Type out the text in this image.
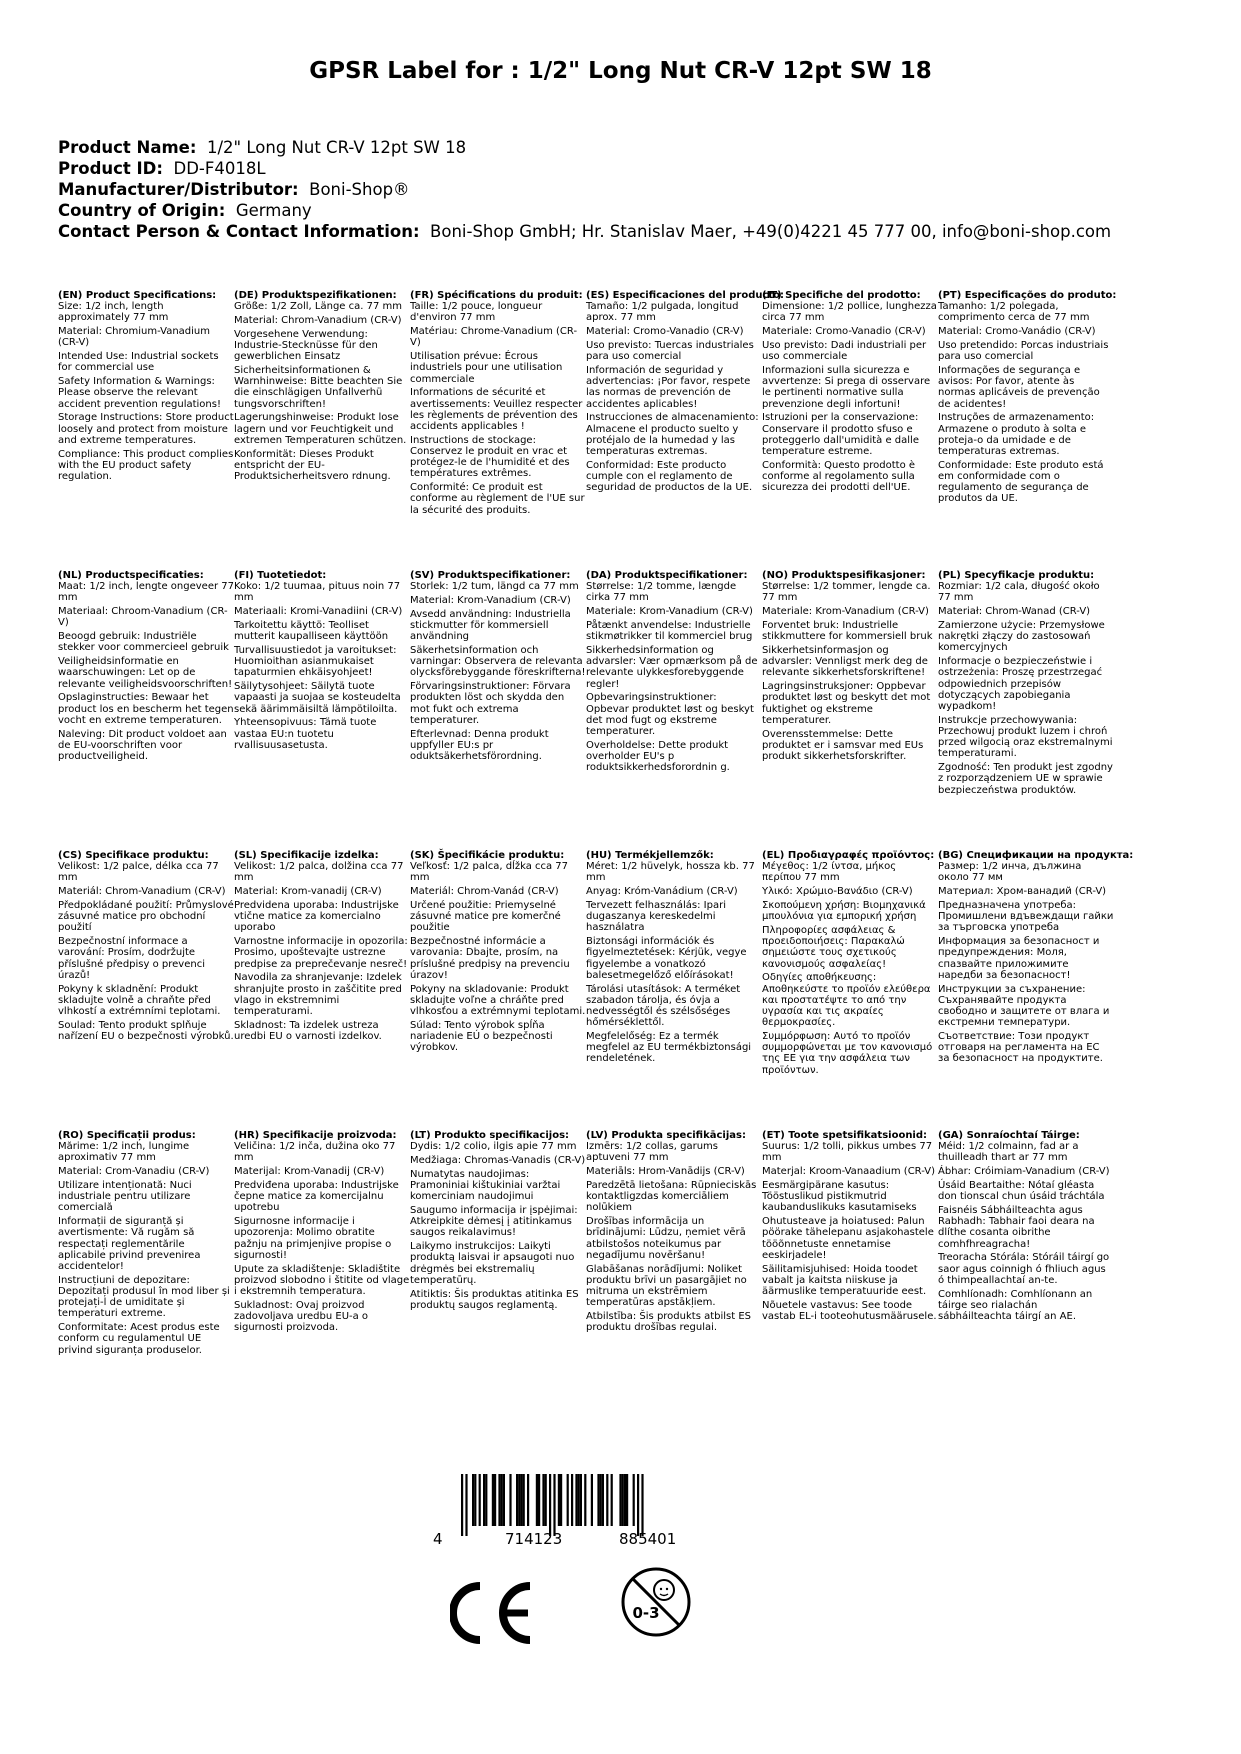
GPSR Label for : 1/2" Long Nut CR-V 12pt SW 18
Product Name: 1/2" Long Nut CR-V 12pt SW 18
Product ID: DD-F4018L
Manufacturer/Distributor: Boni-Shop®
Country of Origin: Germany
Contact Person & Contact Information: Boni-Shop GmbH; Hr. Stanislav Maer, +49(0)4221 45 777 00, info@boni-shop.com
(EN) Product Specifications:
Size: 1/2 inch, length approximately 77 mm
Material: Chromium-Vanadium (CR-V)
Intended Use: Industrial sockets for commercial use
Safety Information & Warnings: Please observe the relevant accident prevention regulations!
Storage Instructions: Store product loosely and protect from moisture and extreme temperatures.
Compliance: This product complies with the EU product safety regulation.
(DE) Produktspezifikationen:
Größe: 1/2 Zoll, Länge ca. 77 mm
Material: Chrom-Vanadium (CR-V)
Vorgesehene Verwendung: Industrie-Stecknüsse für den gewerblichen Einsatz
Sicherheitsinformationen & Warnhinweise: Bitte beachten Sie die einschlägigen Unfallverhü tungsvorschriften!
Lagerungshinweise: Produkt lose lagern und vor Feuchtigkeit und extremen Temperaturen schützen.
Konformität: Dieses Produkt entspricht der EU-Produktsicherheitsvero rdnung.
(FR) Spécifications du produit:
Taille: 1/2 pouce, longueur d'environ 77 mm
Matériau: Chrome-Vanadium (CR-V)
Utilisation prévue: Écrous industriels pour une utilisation commerciale
Informations de sécurité et avertissements: Veuillez respecter les règlements de prévention des accidents applicables !
Instructions de stockage: Conservez le produit en vrac et protégez-le de l'humidité et des températures extrêmes.
Conformité: Ce produit est conforme au règlement de l'UE sur la sécurité des produits.
(ES) Especificaciones del producto:
Tamaño: 1/2 pulgada, longitud aprox. 77 mm
Material: Cromo-Vanadio (CR-V)
Uso previsto: Tuercas industriales para uso comercial
Información de seguridad y advertencias: ¡Por favor, respete las normas de prevención de accidentes aplicables!
Instrucciones de almacenamiento: Almacene el producto suelto y protéjalo de la humedad y las temperaturas extremas.
Conformidad: Este producto cumple con el reglamento de seguridad de productos de la UE.
(IT) Specifiche del prodotto:
Dimensione: 1/2 pollice, lunghezza circa 77 mm
Materiale: Cromo-Vanadio (CR-V)
Uso previsto: Dadi industriali per uso commerciale
Informazioni sulla sicurezza e avvertenze: Si prega di osservare le pertinenti normative sulla prevenzione degli infortuni!
Istruzioni per la conservazione: Conservare il prodotto sfuso e proteggerlo dall'umidità e dalle temperature estreme.
Conformità: Questo prodotto è conforme al regolamento sulla sicurezza dei prodotti dell'UE.
(PT) Especificações do produto:
Tamanho: 1/2 polegada, comprimento cerca de 77 mm
Material: Cromo-Vanádio (CR-V)
Uso pretendido: Porcas industriais para uso comercial
Informações de segurança e avisos: Por favor, atente às normas aplicáveis de prevenção de acidentes!
Instruções de armazenamento: Armazene o produto à solta e proteja-o da umidade e de temperaturas extremas.
Conformidade: Este produto está em conformidade com o regulamento de segurança de produtos da UE.
(NL) Productspecificaties:
Maat: 1/2 inch, lengte ongeveer 77 mm
Materiaal: Chroom-Vanadium (CR-V)
Beoogd gebruik: Industriële stekker voor commercieel gebruik
Veiligheidsinformatie en waarschuwingen: Let op de relevante veiligheidsvoorschriften!
Opslaginstructies: Bewaar het product los en bescherm het tegen vocht en extreme temperaturen.
Naleving: Dit product voldoet aan de EU-voorschriften voor productveiligheid.
(FI) Tuotetiedot:
Koko: 1/2 tuumaa, pituus noin 77 mm
Materiaali: Kromi-Vanadiini (CR-V)
Tarkoitettu käyttö: Teolliset mutterit kaupalliseen käyttöön
Turvallisuustiedot ja varoitukset: Huomioithan asianmukaiset tapaturmien ehkäisyohjeet!
Säilytysohjeet: Säilytä tuote vapaasti ja suojaa se kosteudelta sekä äärimmäisiltä lämpötiloilta.
Yhteensopivuus: Tämä tuote vastaa EU:n tuotetu rvallisuusasetusta.
(SV) Produktspecifikationer:
Storlek: 1/2 tum, längd ca 77 mm
Material: Krom-Vanadium (CR-V)
Avsedd användning: Industriella stickmutter för kommersiell användning
Säkerhetsinformation och varningar: Observera de relevanta olycksförebyggande föreskrifterna!
Förvaringsinstruktioner: Förvara produkten löst och skydda den mot fukt och extrema temperaturer.
Efterlevnad: Denna produkt uppfyller EU:s pr oduktsäkerhetsförordning.
(DA) Produktspecifikationer:
Størrelse: 1/2 tomme, længde cirka 77 mm
Materiale: Krom-Vanadium (CR-V)
Påtænkt anvendelse: Industrielle stikmøtrikker til kommerciel brug
Sikkerhedsinformation og advarsler: Vær opmærksom på de relevante ulykkesforebyggende regler!
Opbevaringsinstruktioner: Opbevar produktet løst og beskyt det mod fugt og ekstreme temperaturer.
Overholdelse: Dette produkt overholder EU's p roduktsikkerhedsforordnin g.
(NO) Produktspesifikasjoner:
Størrelse: 1/2 tommer, lengde ca. 77 mm
Materiale: Krom-Vanadium (CR-V)
Forventet bruk: Industrielle stikkmuttere for kommersiell bruk
Sikkerhetsinformasjon og advarsler: Vennligst merk deg de relevante sikkerhetsforskriftene!
Lagringsinstruksjoner: Oppbevar produktet løst og beskytt det mot fuktighet og ekstreme temperaturer.
Overensstemmelse: Dette produktet er i samsvar med EUs produkt sikkerhetsforskrifter.
(PL) Specyfikacje produktu:
Rozmiar: 1/2 cala, długość około 77 mm
Materiał: Chrom-Wanad (CR-V)
Zamierzone użycie: Przemysłowe nakrętki złączy do zastosowań komercyjnych
Informacje o bezpieczeństwie i ostrzeżenia: Proszę przestrzegać odpowiednich przepisów dotyczących zapobiegania wypadkom!
Instrukcje przechowywania: Przechowuj produkt luzem i chroń przed wilgocią oraz ekstremalnymi temperaturami.
Zgodność: Ten produkt jest zgodny z rozporządzeniem UE w sprawie bezpieczeństwa produktów.
(CS) Specifikace produktu:
Velikost: 1/2 palce, délka cca 77 mm
Materiál: Chrom-Vanadium (CR-V)
Předpokládané použití: Průmyslové zásuvné matice pro obchodní použití
Bezpečnostní informace a varování: Prosím, dodržujte příslušné předpisy o prevenci úrazů!
Pokyny k skladnění: Produkt skladujte volně a chraňte před vlhkostí a extrémními teplotami.
Soulad: Tento produkt splňuje nařízení EU o bezpečnosti výrobků.
(SL) Specifikacije izdelka:
Velikost: 1/2 palca, dolžina cca 77 mm
Material: Krom-vanadij (CR-V)
Predvidena uporaba: Industrijske vtične matice za komercialno uporabo
Varnostne informacije in opozorila: Prosimo, upoštevajte ustrezne predpise za preprečevanje nesreč!
Navodila za shranjevanje: Izdelek shranjujte prosto in zaščitite pred vlago in ekstremnimi temperaturami.
Skladnost: Ta izdelek ustreza uredbi EU o varnosti izdelkov.
(SK) Špecifikácie produktu:
Veľkosť: 1/2 palca, dĺžka cca 77 mm
Materiál: Chrom-Vanád (CR-V)
Určené použitie: Priemyselné zásuvné matice pre komerčné použitie
Bezpečnostné informácie a varovania: Dbajte, prosím, na príslušné predpisy na prevenciu úrazov!
Pokyny na skladovanie: Produkt skladujte voľne a chráňte pred vlhkosťou a extrémnymi teplotami.
Súlad: Tento výrobok spĺňa nariadenie EÚ o bezpečnosti výrobkov.
(HU) Termékjellemzők:
Méret: 1/2 hüvelyk, hossza kb. 77 mm
Anyag: Króm-Vanádium (CR-V)
Tervezett felhasználás: Ipari dugaszanya kereskedelmi használatra
Biztonsági információk és figyelmeztetések: Kérjük, vegye figyelembe a vonatkozó balesetmegelőző előírásokat!
Tárolási utasítások: A terméket szabadon tárolja, és óvja a nedvességtől és szélsőséges hőmérséklettől.
Megfelelőség: Ez a termék megfelel az EU termékbiztonsági rendeletének.
(EL) Προδιαγραφές προϊόντος:
Μέγεθος: 1/2 ίντσα, μήκος περίπου 77 mm
Υλικό: Χρώμιο-Βανάδιο (CR-V)
Σκοπούμενη χρήση: Βιομηχανικά μπουλόνια για εμπορική χρήση
Πληροφορίες ασφάλειας & προειδοποιήσεις: Παρακαλώ σημειώστε τους σχετικούς κανονισμούς ασφαλείας!
Οδηγίες αποθήκευσης: Αποθηκεύστε το προϊόν ελεύθερα και προστατέψτε το από την υγρασία και τις ακραίες θερμοκρασίες.
Συμμόρφωση: Αυτό το προϊόν συμμορφώνεται με τον κανονισμό της ΕΕ για την ασφάλεια των προϊόντων.
(BG) Спецификации на продукта:
Размер: 1/2 инча, дължина около 77 мм
Материал: Хром-ванадий (CR-V)
Предназначена употреба: Промишлени вдъвеждащи гайки за търговска употреба
Информация за безопасност и предупреждения: Моля, спазвайте приложимите наредби за безопасност!
Инструкции за съхранение: Съхранявайте продукта свободно и защитете от влага и екстремни температури.
Съответствие: Този продукт отговаря на регламента на ЕС за безопасност на продуктите.
(RO) Specificații produs:
Mărime: 1/2 inch, lungime aproximativ 77 mm
Material: Crom-Vanadiu (CR-V)
Utilizare intenționată: Nuci industriale pentru utilizare comercială
Informații de siguranță și avertismente: Vă rugăm să respectați reglementările aplicabile privind prevenirea accidentelor!
Instrucțiuni de depozitare: Depozitați produsul în mod liber și protejați-l de umiditate și temperaturi extreme.
Conformitate: Acest produs este conform cu regulamentul UE privind siguranța produselor.
(HR) Specifikacije proizvoda:
Veličina: 1/2 inča, dužina oko 77 mm
Materijal: Krom-Vanadij (CR-V)
Predviđena uporaba: Industrijske čepne matice za komercijalnu upotrebu
Sigurnosne informacije i upozorenja: Molimo obratite pažnju na primjenjive propise o sigurnosti!
Upute za skladištenje: Skladištite proizvod slobodno i štitite od vlage i ekstremnih temperatura.
Sukladnost: Ovaj proizvod zadovoljava uredbu EU-a o sigurnosti proizvoda.
(LT) Produkto specifikacijos:
Dydis: 1/2 colio, ilgis apie 77 mm
Medžiaga: Chromas-Vanadis (CR-V)
Numatytas naudojimas: Pramoniniai kištukiniai varžtai komerciniam naudojimui
Saugumo informacija ir įspėjimai: Atkreipkite dėmesį į atitinkamus saugos reikalavimus!
Laikymo instrukcijos: Laikyti produktą laisvai ir apsaugoti nuo drėgmės bei ekstremalių temperatūrų.
Atitiktis: Šis produktas atitinka ES produktų saugos reglamentą.
(LV) Produkta specifikācijas:
Izmērs: 1/2 collas, garums aptuveni 77 mm
Materiāls: Hrom-Vanādijs (CR-V)
Paredzētā lietošana: Rūpnieciskās kontaktligzdas komerciāliem nolūkiem
Drošības informācija un brīdinājumi: Lūdzu, ņemiet vērā atbilstošos noteikumus par negadījumu novēršanu!
Glabāšanas norādījumi: Noliket produktu brīvi un pasargājiet no mitruma un ekstrēmiem temperatūras apstākļiem.
Atbilstība: Šis produkts atbilst ES produktu drošības regulai.
(ET) Toote spetsifikatsioonid:
Suurus: 1/2 tolli, pikkus umbes 77 mm
Materjal: Kroom-Vanaadium (CR-V)
Eesmärgipärane kasutus: Tööstuslikud pistikmutrid kaubanduslikuks kasutamiseks
Ohutusteave ja hoiatused: Palun pöörake tähelepanu asjakohastele tööõnnetuste ennetamise eeskirjadele!
Säilitamisjuhised: Hoida toodet vabalt ja kaitsta niiskuse ja äärmuslike temperatuuride eest.
Nõuetele vastavus: See toode vastab EL-i tooteohutusmäärusele.
(GA) Sonraíochtaí Táirge:
Méid: 1/2 colmainn, fad ar a thuilleadh thart ar 77 mm
Ábhar: Cróimiam-Vanadium (CR-V)
Úsáid Beartaithe: Nótaí gléasta don tionscal chun úsáid tráchtála
Faisnéis Sábháilteachta agus Rabhadh: Tabhair faoi deara na dlíthe cosanta oibrithe comhfhreagracha!
Treoracha Stórála: Stóráil táirgí go saor agus coinnigh ó fhliuch agus ó thimpeallachtaí an-te.
Comhlíonadh: Comhlíonann an táirge seo rialachán sábháilteachta táirgí an AE.
4	714123	885401
0-3
